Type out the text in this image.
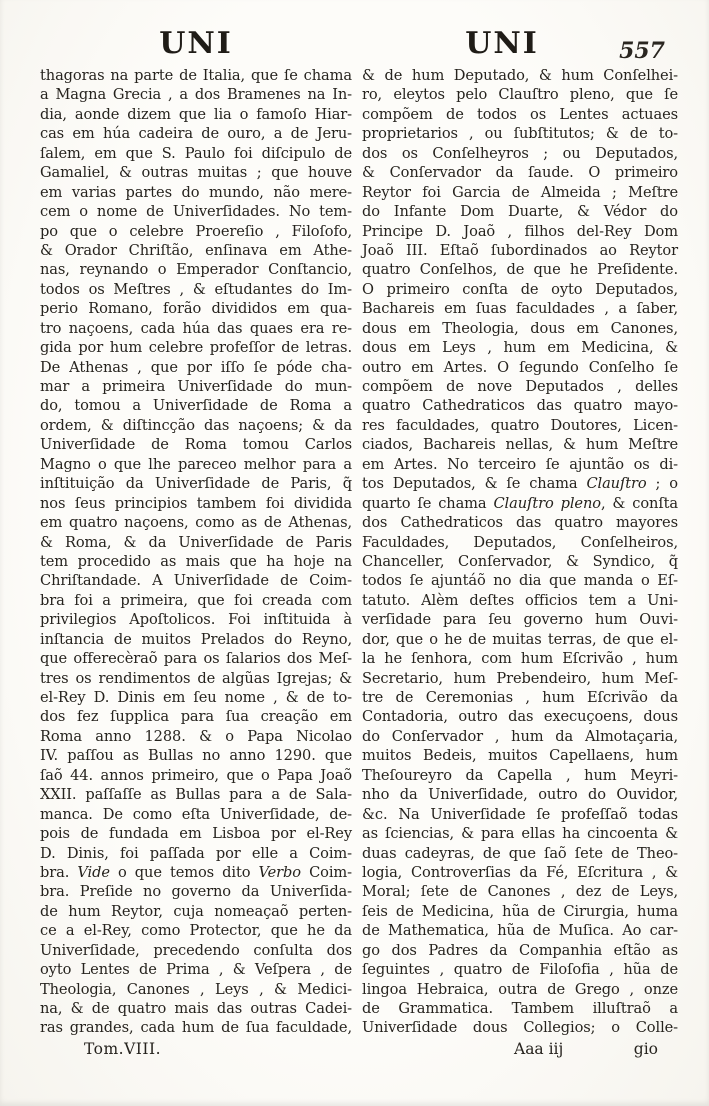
UNI	UNI	557
thagoras na parte de Italia, que ſe chama
a Magna Grecia , a dos Bramenes na In-
dia, aonde dizem que lia o famoſo Hiar-
cas em húa cadeira de ouro, a de Jeru-
ſalem, em que S. Paulo foi diſcipulo de
Gamaliel, & outras muitas ; que houve
em varias partes do mundo, não mere-
cem o nome de Univerſidades. No tem-
po que o celebre Proereſio , Filoſofo,
& Orador Chriſtão, enſinava em Athe-
nas, reynando o Emperador Conſtancio,
todos os Meſtres , & eſtudantes do Im-
perio Romano, forão divididos em qua-
tro naçoens, cada húa das quaes era re-
gida por hum celebre profeſſor de letras.
De Athenas , que por iſſo ſe póde cha-
mar a primeira Univerſidade do mun-
do, tomou a Univerſidade de Roma a
ordem, & diſtincção das naçoens; & da
Univerſidade de Roma tomou Carlos
Magno o que lhe pareceo melhor para a
inſtituição da Univerſidade de Paris, q̃
nos ſeus principios tambem foi dividida
em quatro naçoens, como as de Athenas,
& Roma, & da Univerſidade de Paris
tem procedido as mais que ha hoje na
Chriſtandade. A Univerſidade de Coim-
bra foi a primeira, que foi creada com
privilegios Apoſtolicos. Foi inſtituida à
inſtancia de muitos Prelados do Reyno,
que offerecèraõ para os ſalarios dos Meſ-
tres os rendimentos de algũas Igrejas; &
el-Rey D. Dinis em ſeu nome , & de to-
dos fez ſupplica para ſua creação em
Roma anno 1288. & o Papa Nicolao
IV. paſſou as Bullas no anno 1290. que
ſaõ 44. annos primeiro, que o Papa Joaõ
XXII. paſſaſſe as Bullas para a de Sala-
manca. De como eſta Univerſidade, de-
pois de fundada em Lisboa por el-Rey
D. Dinis, foi paſſada por elle a Coim-
bra. Vide o que temos dito Verbo Coim-
bra. Preſide no governo da Univerſida-
de hum Reytor, cuja nomeaçaõ perten-
ce a el-Rey, como Protector, que he da
Univerſidade, precedendo conſulta dos
oyto Lentes de Prima , & Veſpera , de
Theologia, Canones , Leys , & Medici-
na, & de quatro mais das outras Cadei-
ras grandes, cada hum de ſua faculdade,
Tom.VIII.
& de hum Deputado, & hum Conſelhei-
ro, eleytos pelo Clauſtro pleno, que ſe
compõem de todos os Lentes actuaes
proprietarios , ou ſubſtitutos; & de to-
dos os Conſelheyros ; ou Deputados,
& Conſervador da ſaude. O primeiro
Reytor foi Garcia de Almeida ; Meſtre
do Infante Dom Duarte, & Védor do
Principe D. Joaõ , filhos del-Rey Dom
Joaõ III. Eſtaõ ſubordinados ao Reytor
quatro Conſelhos, de que he Preſidente.
O primeiro conſta de oyto Deputados,
Bachareis em ſuas faculdades , a ſaber,
dous em Theologia, dous em Canones,
dous em Leys , hum em Medicina, &
outro em Artes. O ſegundo Conſelho ſe
compõem de nove Deputados , delles
quatro Cathedraticos das quatro mayo-
res faculdades, quatro Doutores, Licen-
ciados, Bachareis nellas, & hum Meſtre
em Artes. No terceiro ſe ajuntão os di-
tos Deputados, & ſe chama Clauſtro ; o
quarto ſe chama Clauſtro pleno, & conſta
dos Cathedraticos das quatro mayores
Faculdades, Deputados, Conſelheiros,
Chanceller, Conſervador, & Syndico, q̃
todos ſe ajuntáõ no dia que manda o Eſ-
tatuto. Alèm deſtes officios tem a Uni-
verſidade para ſeu governo hum Ouvi-
dor, que o he de muitas terras, de que el-
la he ſenhora, com hum Eſcrivão , hum
Secretario, hum Prebendeiro, hum Meſ-
tre de Ceremonias , hum Eſcrivão da
Contadoria, outro das execuçoens, dous
do Conſervador , hum da Almotaçaria,
muitos Bedeis, muitos Capellaens, hum
Theſoureyro da Capella , hum Meyri-
nho da Univerſidade, outro do Ouvidor,
&c. Na Univerſidade ſe profeſſaõ todas
as ſciencias, & para ellas ha cincoenta &
duas cadeyras, de que ſaõ ſete de Theo-
logia, Controverſias da Fé, Eſcritura , &
Moral; ſete de Canones , dez de Leys,
ſeis de Medicina, hũa de Cirurgia, huma
de Mathematica, hũa de Muſica. Ao car-
go dos Padres da Companhia eſtão as
ſeguintes , quatro de Filoſofia , hũa de
lingoa Hebraica, outra de Grego , onze
de Grammatica. Tambem illuſtraõ a
Univerſidade dous Collegios; o Colle-
Aaa iij	gio
